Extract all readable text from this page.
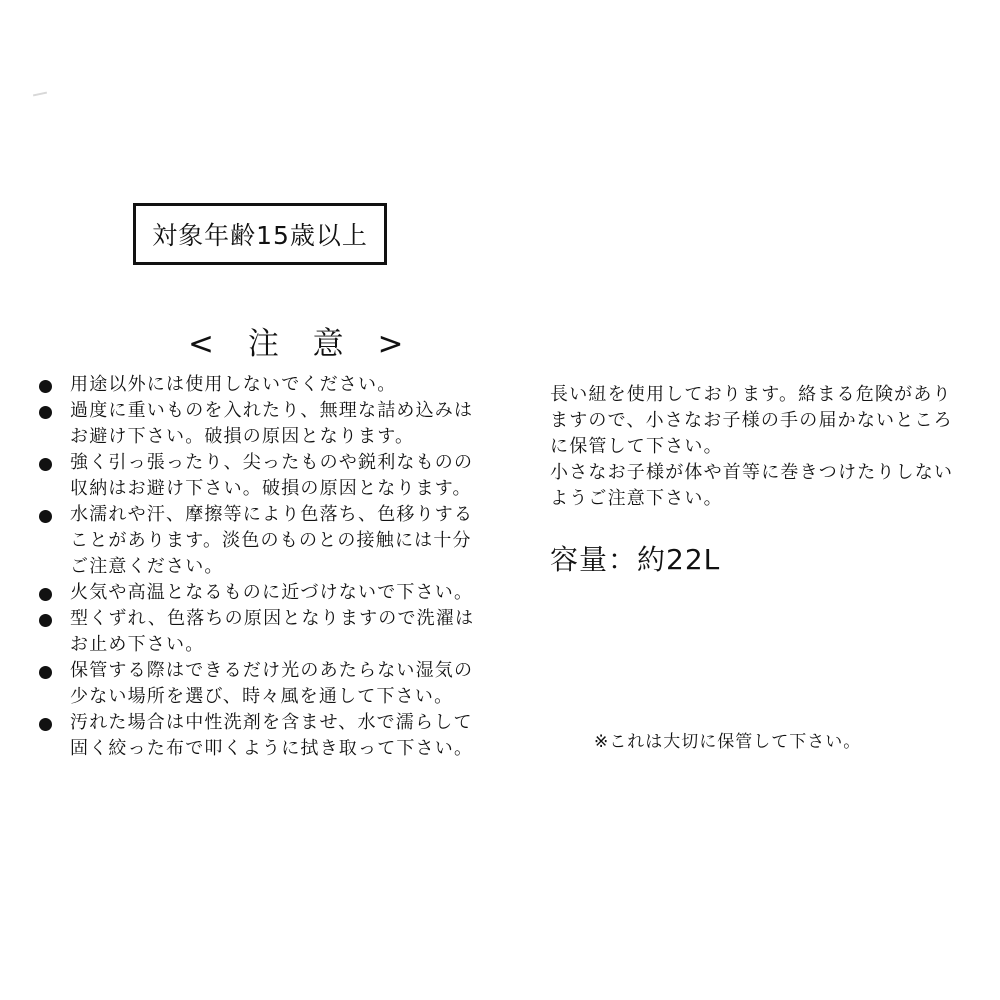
対象年齢15歳以上
< 注 意 >
用途以外には使用しないでください。
過度に重いものを入れたり、無理な詰め込みは
お避け下さい。破損の原因となります。
強く引っ張ったり、尖ったものや鋭利なものの
収納はお避け下さい。破損の原因となります。
水濡れや汗、摩擦等により色落ち、色移りする
ことがあります。淡色のものとの接触には十分
ご注意ください。
火気や高温となるものに近づけないで下さい。
型くずれ、色落ちの原因となりますので洗濯は
お止め下さい。
保管する際はできるだけ光のあたらない湿気の
少ない場所を選び、時々風を通して下さい。
汚れた場合は中性洗剤を含ませ、水で濡らして
固く絞った布で叩くように拭き取って下さい。
長い紐を使用しております。絡まる危険があり
ますので、小さなお子様の手の届かないところ
に保管して下さい。
小さなお子様が体や首等に巻きつけたりしない
ようご注意下さい。
容量：約22L
※これは大切に保管して下さい。
